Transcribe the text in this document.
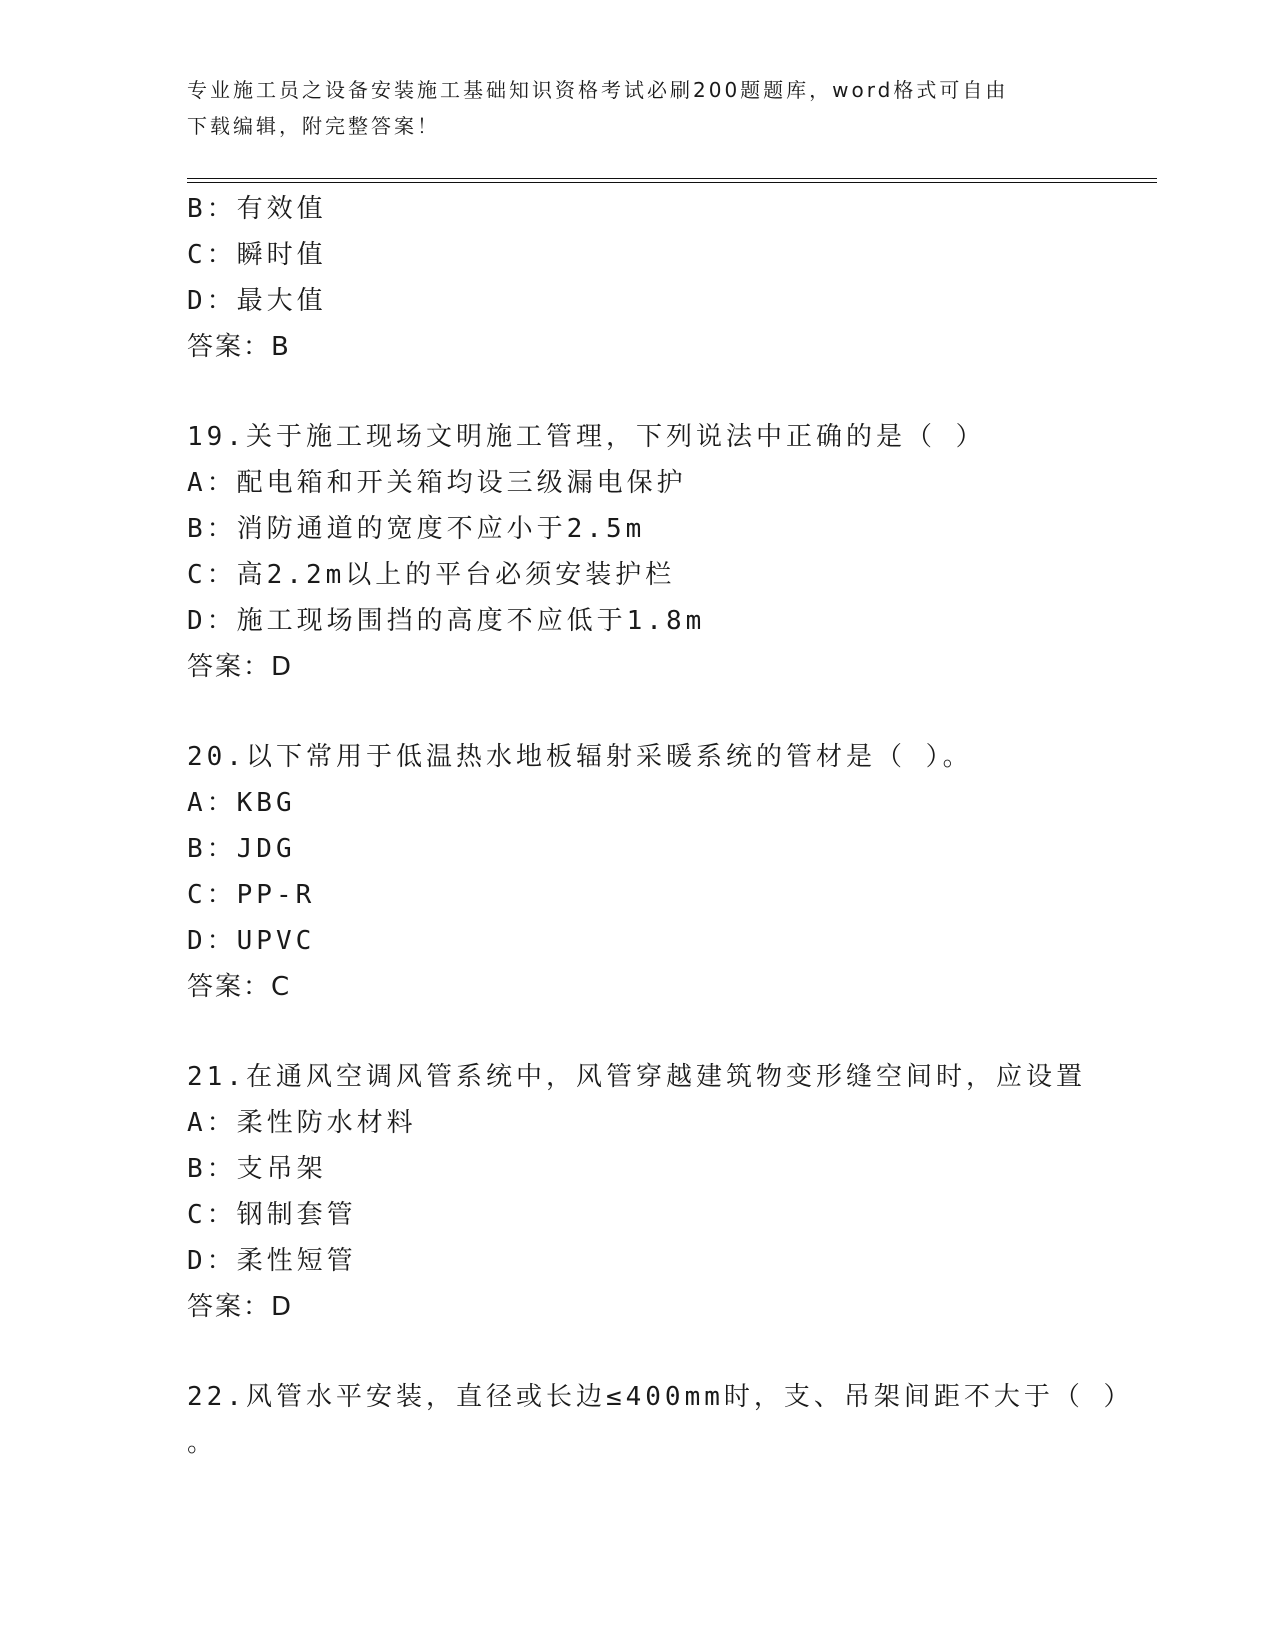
专业施工员之设备安装施工基础知识资格考试必刷200题题库，word格式可自由
下载编辑，附完整答案！
B：有效值
C：瞬时值
D：最大值
答案：B
19.关于施工现场文明施工管理，下列说法中正确的是（ ）
A：配电箱和开关箱均设三级漏电保护
B：消防通道的宽度不应小于2.5m
C：高2.2m以上的平台必须安装护栏
D：施工现场围挡的高度不应低于1.8m
答案：D
20.以下常用于低温热水地板辐射采暖系统的管材是（ ）。
A：KBG
B：JDG
C：PP-R
D：UPVC
答案：C
21.在通风空调风管系统中，风管穿越建筑物变形缝空间时，应设置
A：柔性防水材料
B：支吊架
C：钢制套管
D：柔性短管
答案：D
22.风管水平安装，直径或长边≤400mm时，支、吊架间距不大于（ ）
。
